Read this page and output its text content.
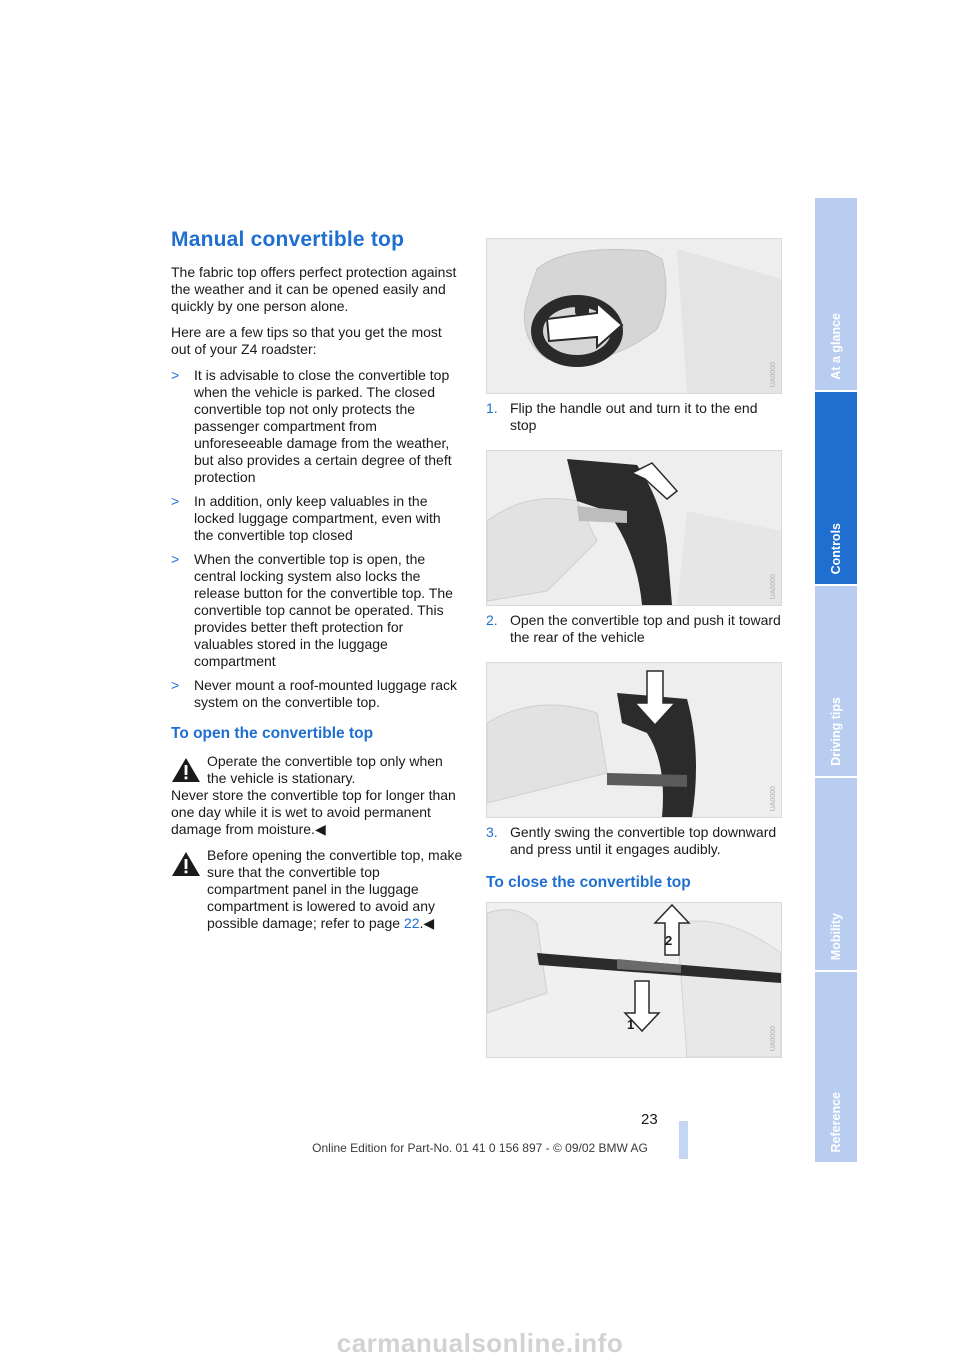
Manual convertible top

The fabric top offers perfect protection against the weather and it can be opened easily and quickly by one person alone.

Here are a few tips so that you get the most out of your Z4 roadster:

> It is advisable to close the convertible top when the vehicle is parked. The closed convertible top not only protects the passenger compartment from unforeseeable damage from the weather, but also provides a certain degree of theft protection
> In addition, only keep valuables in the locked luggage compartment, even with the convertible top closed
> When the convertible top is open, the central locking system also locks the release button for the convertible top. The convertible top cannot be operated. This provides better theft protection for valuables stored in the luggage compartment
> Never mount a roof-mounted luggage rack system on the convertible top.
To open the convertible top
Operate the convertible top only when the vehicle is stationary.
Never store the convertible top for longer than one day while it is wet to avoid permanent damage from moisture.◀
Before opening the convertible top, make sure that the convertible top compartment panel in the luggage compartment is lowered to avoid any possible damage; refer to page 22.◀
UA0000
1. Flip the handle out and turn it to the end stop
UA0000
2. Open the convertible top and push it toward the rear of the vehicle
UA0000
3. Gently swing the convertible top downward and press until it engages audibly.
To close the convertible top
1
2
UA0000
At a glance
Controls
Driving tips
Mobility
Reference
23
Online Edition for Part-No. 01 41 0 156 897 - © 09/02 BMW AG
carmanualsonline.info
